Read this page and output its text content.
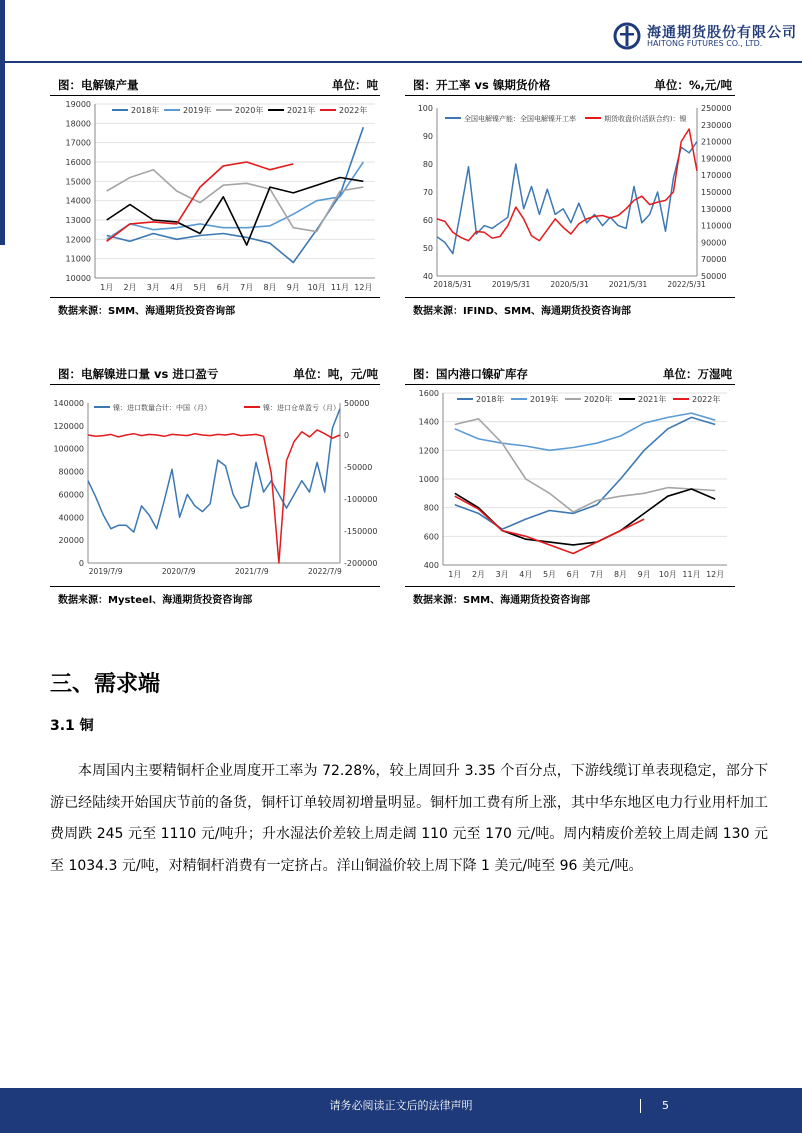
海通期货股份有限公司
HAITONG FUTURES CO., LTD.
图：电解镍产量	单位：吨
19000
18000
17000
16000
15000
14000
13000
12000
11000
10000
1月 2月 3月 4月 5月 6月 7月 8月 9月 10月 11月 12月
2018年	2019年	2020年	2021年	2022年
数据来源：SMM、海通期货投资咨询部
图：开工率 vs 镍期货价格	单位：%,元/吨
100
90
80
70
60
50
40
250000
230000
210000
190000
170000
150000
130000
110000
90000
70000
50000
2018/5/31	2019/5/31	2020/5/31	2021/5/31	2022/5/31
全国电解镍产能：全国电解镍开工率	期货收盘价(活跃合约)：镍
数据来源：IFIND、SMM、海通期货投资咨询部
图：电解镍进口量 vs 进口盈亏	单位：吨，元/吨
140000
120000
100000
80000
60000
40000
20000
0
50000
0
-50000
-100000
-150000
-200000
2019/7/9	2020/7/9	2021/7/9	2022/7/9
镍：进口数量合计：中国（月）	镍：进口仓单盈亏（月）
数据来源：Mysteel、海通期货投资咨询部
图：国内港口镍矿库存	单位：万湿吨
1600
1400
1200
1000
800
600
400
1月 2月 3月 4月 5月 6月 7月 8月 9月 10月 11月 12月
2018年	2019年	2020年	2021年	2022年
数据来源：SMM、海通期货投资咨询部
三、需求端
3.1 铜
本周国内主要精铜杆企业周度开工率为 72.28%，较上周回升 3.35 个百分点，下游线缆订单表现稳定，部分下游已经陆续开始国庆节前的备货，铜杆订单较周初增量明显。铜杆加工费有所上涨，其中华东地区电力行业用杆加工费周跌 245 元至 1110 元/吨升；升水湿法价差较上周走阔 110 元至 170 元/吨。周内精废价差较上周走阔 130 元至 1034.3 元/吨，对精铜杆消费有一定挤占。洋山铜溢价较上周下降 1 美元/吨至 96 美元/吨。
请务必阅读正文后的法律声明	5
